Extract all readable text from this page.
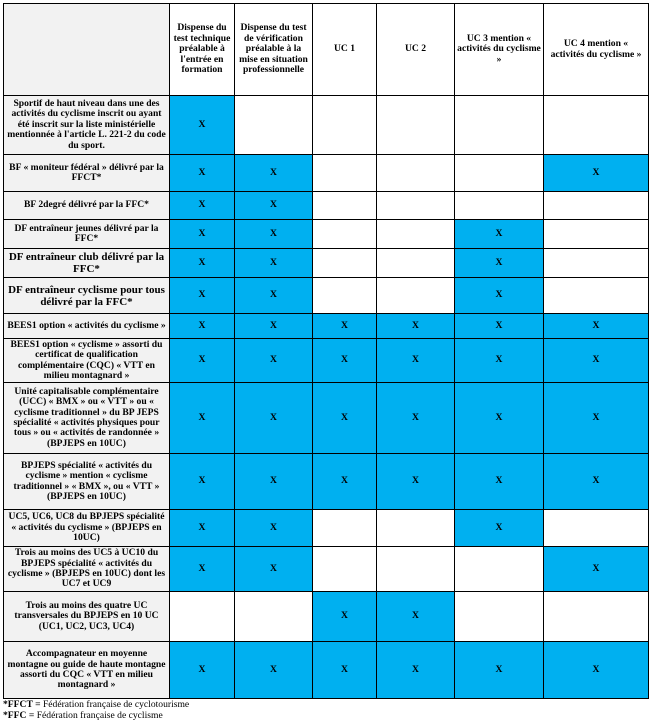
	Dispense du test technique préalable à l'entrée en formation	Dispense du test de vérification préalable à la mise en situation professionnelle	UC 1	UC 2	UC 3 mention « activités du cyclisme »	UC 4 mention « activités du cyclisme »
Sportif de haut niveau dans une des activités du cyclisme inscrit ou ayant été inscrit sur la liste ministérielle mentionnée à l'article L. 221-2 du code du sport.	X					
BF « moniteur fédéral » délivré par la FFCT*	X	X				X
BF 2degré délivré par la FFC*	X	X				
DF entraîneur jeunes délivré par la FFC*	X	X			X	
DF entraîneur club délivré par la FFC*	X	X			X	
DF entraîneur cyclisme pour tous délivré par la FFC*	X	X			X	
BEES1 option « activités du cyclisme »	X	X	X	X	X	X
BEES1 option « cyclisme » assorti du certificat de qualification complémentaire (CQC) « VTT en milieu montagnard »	X	X	X	X	X	X
Unité capitalisable complémentaire (UCC) « BMX » ou « VTT » ou « cyclisme traditionnel » du BP JEPS spécialité « activités physiques pour tous » ou « activités de randonnée » (BPJEPS en 10UC)	X	X	X	X	X	X
BPJEPS spécialité « activités du cyclisme » mention « cyclisme traditionnel » « BMX », ou « VTT » (BPJEPS en 10UC)	X	X	X	X	X	X
UC5, UC6, UC8 du BPJEPS spécialité « activités du cyclisme » (BPJEPS en 10UC)	X	X			X	
Trois au moins des UC5 à UC10 du BPJEPS spécialité « activités du cyclisme » (BPJEPS en 10UC) dont les UC7 et UC9	X	X				X
Trois au moins des quatre UC transversales du BPJEPS en 10 UC (UC1, UC2, UC3, UC4)			X	X		
Accompagnateur en moyenne montagne ou guide de haute montagne assorti du CQC « VTT en milieu montagnard »	X	X	X	X	X	X
*FFCT = Fédération française de cyclotourisme
*FFC = Fédération française de cyclisme
